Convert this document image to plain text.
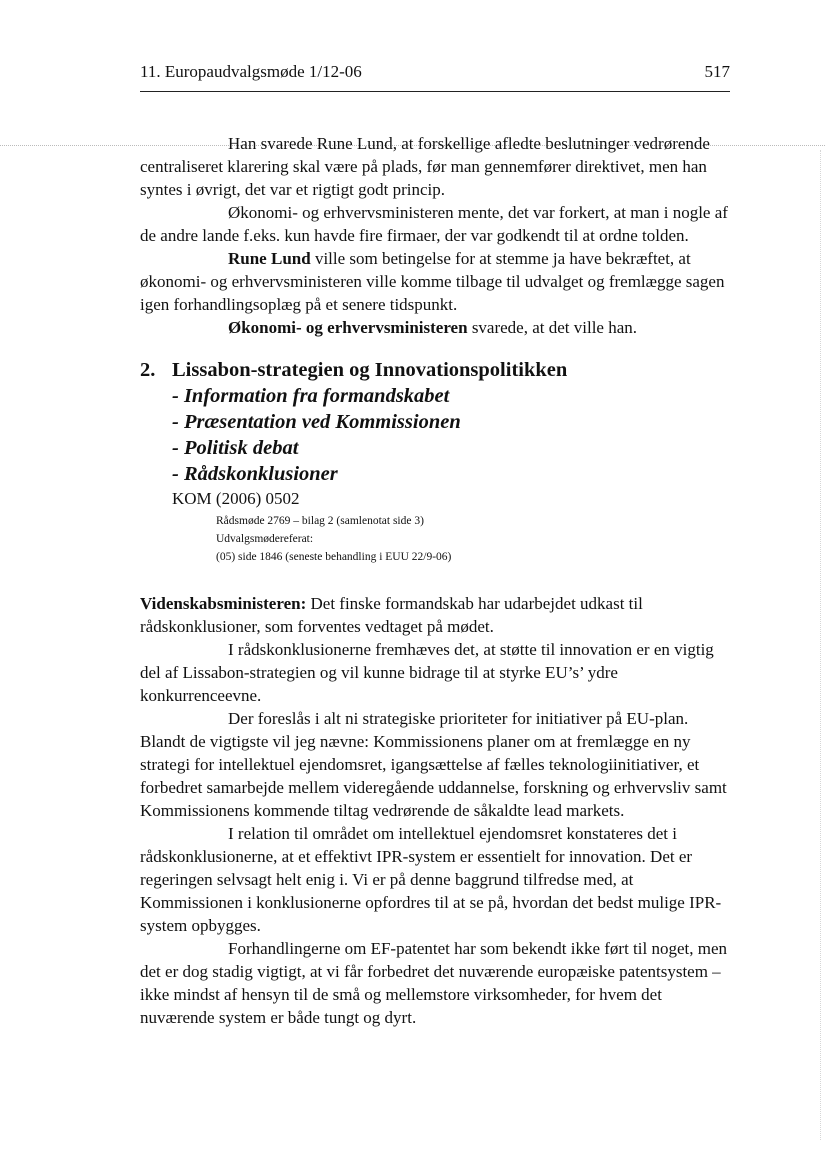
11. Europaudvalgsmøde 1/12-06	517

Han svarede Rune Lund, at forskellige afledte beslutninger vedrørende centraliseret klarering skal være på plads, før man gennemfører direktivet, men han syntes i øvrigt, det var et rigtigt godt princip.

Økonomi- og erhvervsministeren mente, det var forkert, at man i nogle af de andre lande f.eks. kun havde fire firmaer, der var godkendt til at ordne tolden.

Rune Lund ville som betingelse for at stemme ja have bekræftet, at økonomi- og erhvervsministeren ville komme tilbage til udvalget og fremlægge sagen igen forhandlingsoplæg på et senere tidspunkt.

Økonomi- og erhvervsministeren svarede, at det ville han.

2. Lissabon-strategien og Innovationspolitikken
- Information fra formandskabet
- Præsentation ved Kommissionen
- Politisk debat
- Rådskonklusioner
KOM (2006) 0502
Rådsmøde 2769 – bilag 2 (samlenotat side 3)
Udvalgsmødereferat:
(05) side 1846 (seneste behandling i EUU 22/9-06)

Videnskabsministeren: Det finske formandskab har udarbejdet udkast til rådskonklusioner, som forventes vedtaget på mødet.

I rådskonklusionerne fremhæves det, at støtte til innovation er en vigtig del af Lissabon-strategien og vil kunne bidrage til at styrke EU’s’ ydre konkurrenceevne.

Der foreslås i alt ni strategiske prioriteter for initiativer på EU-plan. Blandt de vigtigste vil jeg nævne: Kommissionens planer om at fremlægge en ny strategi for intellektuel ejendomsret, igangsættelse af fælles teknologiinitiativer, et forbedret samarbejde mellem videregående uddannelse, forskning og erhvervsliv samt Kommissionens kommende tiltag vedrørende de såkaldte lead markets.

I relation til området om intellektuel ejendomsret konstateres det i rådskonklusionerne, at et effektivt IPR-system er essentielt for innovation. Det er regeringen selvsagt helt enig i. Vi er på denne baggrund tilfredse med, at Kommissionen i konklusionerne opfordres til at se på, hvordan det bedst mulige IPR-system opbygges.

Forhandlingerne om EF-patentet har som bekendt ikke ført til noget, men det er dog stadig vigtigt, at vi får forbedret det nuværende europæiske patentsystem – ikke mindst af hensyn til de små og mellemstore virksomheder, for hvem det nuværende system er både tungt og dyrt.
